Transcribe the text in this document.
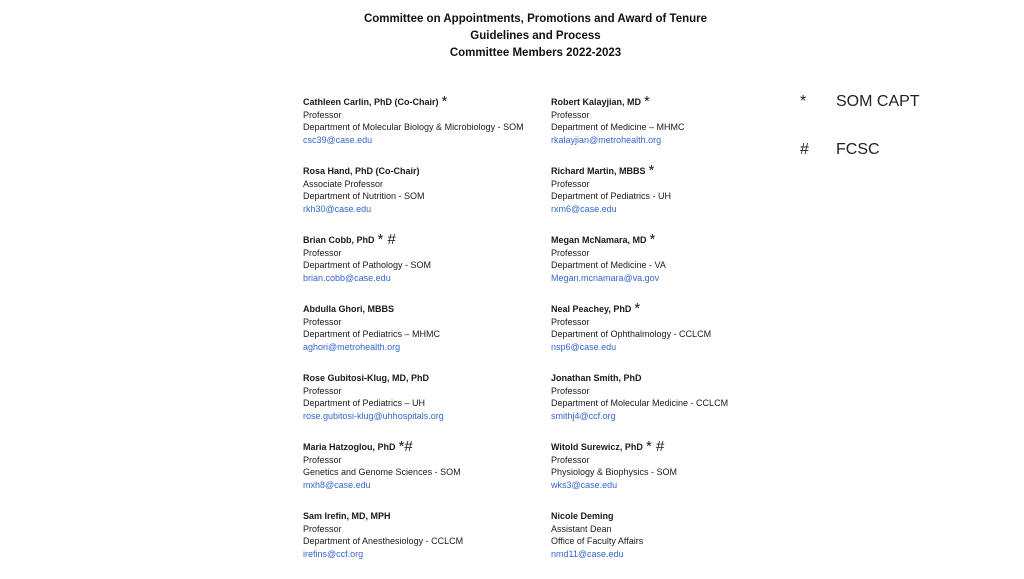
Committee on Appointments, Promotions and Award of Tenure
Guidelines and Process
Committee Members 2022-2023
Cathleen Carlin, PhD (Co-Chair) *
Professor
Department of Molecular Biology & Microbiology - SOM
csc39@case.edu
Rosa Hand, PhD (Co-Chair)
Associate Professor
Department of Nutrition - SOM
rkh30@case.edu
Brian Cobb, PhD * #
Professor
Department of Pathology - SOM
brian.cobb@case.edu
Abdulla Ghori, MBBS
Professor
Department of Pediatrics – MHMC
aghori@metrohealth.org
Rose Gubitosi-Klug, MD, PhD
Professor
Department of Pediatrics – UH
rose.gubitosi-klug@uhhospitals.org
Maria Hatzoglou, PhD *#
Professor
Genetics and Genome Sciences - SOM
mxh8@case.edu
Sam Irefin, MD, MPH
Professor
Department of Anesthesiology - CCLCM
irefins@ccf.org
Robert Kalayjian, MD *
Professor
Department of Medicine – MHMC
rkalayjian@metrohealth.org
Richard Martin, MBBS *
Professor
Department of Pediatrics - UH
rxm6@case.edu
Megan McNamara, MD *
Professor
Department of Medicine - VA
Megan.mcnamara@va.gov
Neal Peachey, PhD *
Professor
Department of Ophthalmology - CCLCM
nsp6@case.edu
Jonathan Smith, PhD
Professor
Department of Molecular Medicine - CCLCM
smithj4@ccf.org
Witold Surewicz, PhD * #
Professor
Physiology & Biophysics - SOM
wks3@case.edu
Nicole Deming
Assistant Dean
Office of Faculty Affairs
nmd11@case.edu
* SOM CAPT
# FCSC
